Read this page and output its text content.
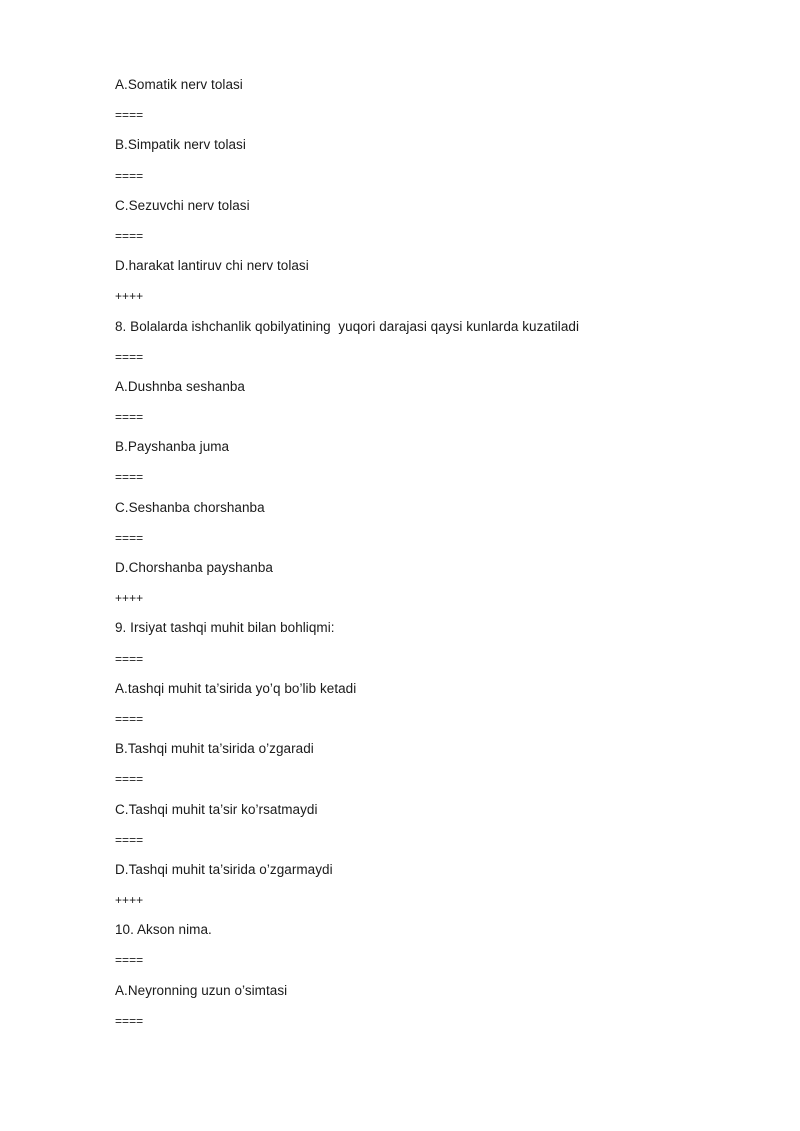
A.Somatik nerv tolasi
====
B.Simpatik nerv tolasi
====
C.Sezuvchi nerv tolasi
====
D.harakat lantiruv chi nerv tolasi
++++
8. Bolalarda ishchanlik qobilyatining  yuqori darajasi qaysi kunlarda kuzatiladi
====
A.Dushnba seshanba
====
B.Payshanba juma
====
C.Seshanba chorshanba
====
D.Chorshanba payshanba
++++
9. Irsiyat tashqi muhit bilan bohliqmi:
====
A.tashqi muhit ta’sirida yo’q bo’lib ketadi
====
B.Tashqi muhit ta’sirida o’zgaradi
====
C.Tashqi muhit ta’sir ko’rsatmaydi
====
D.Tashqi muhit ta’sirida o’zgarmaydi
++++
10. Akson nima.
====
A.Neyronning uzun o’simtasi
====
